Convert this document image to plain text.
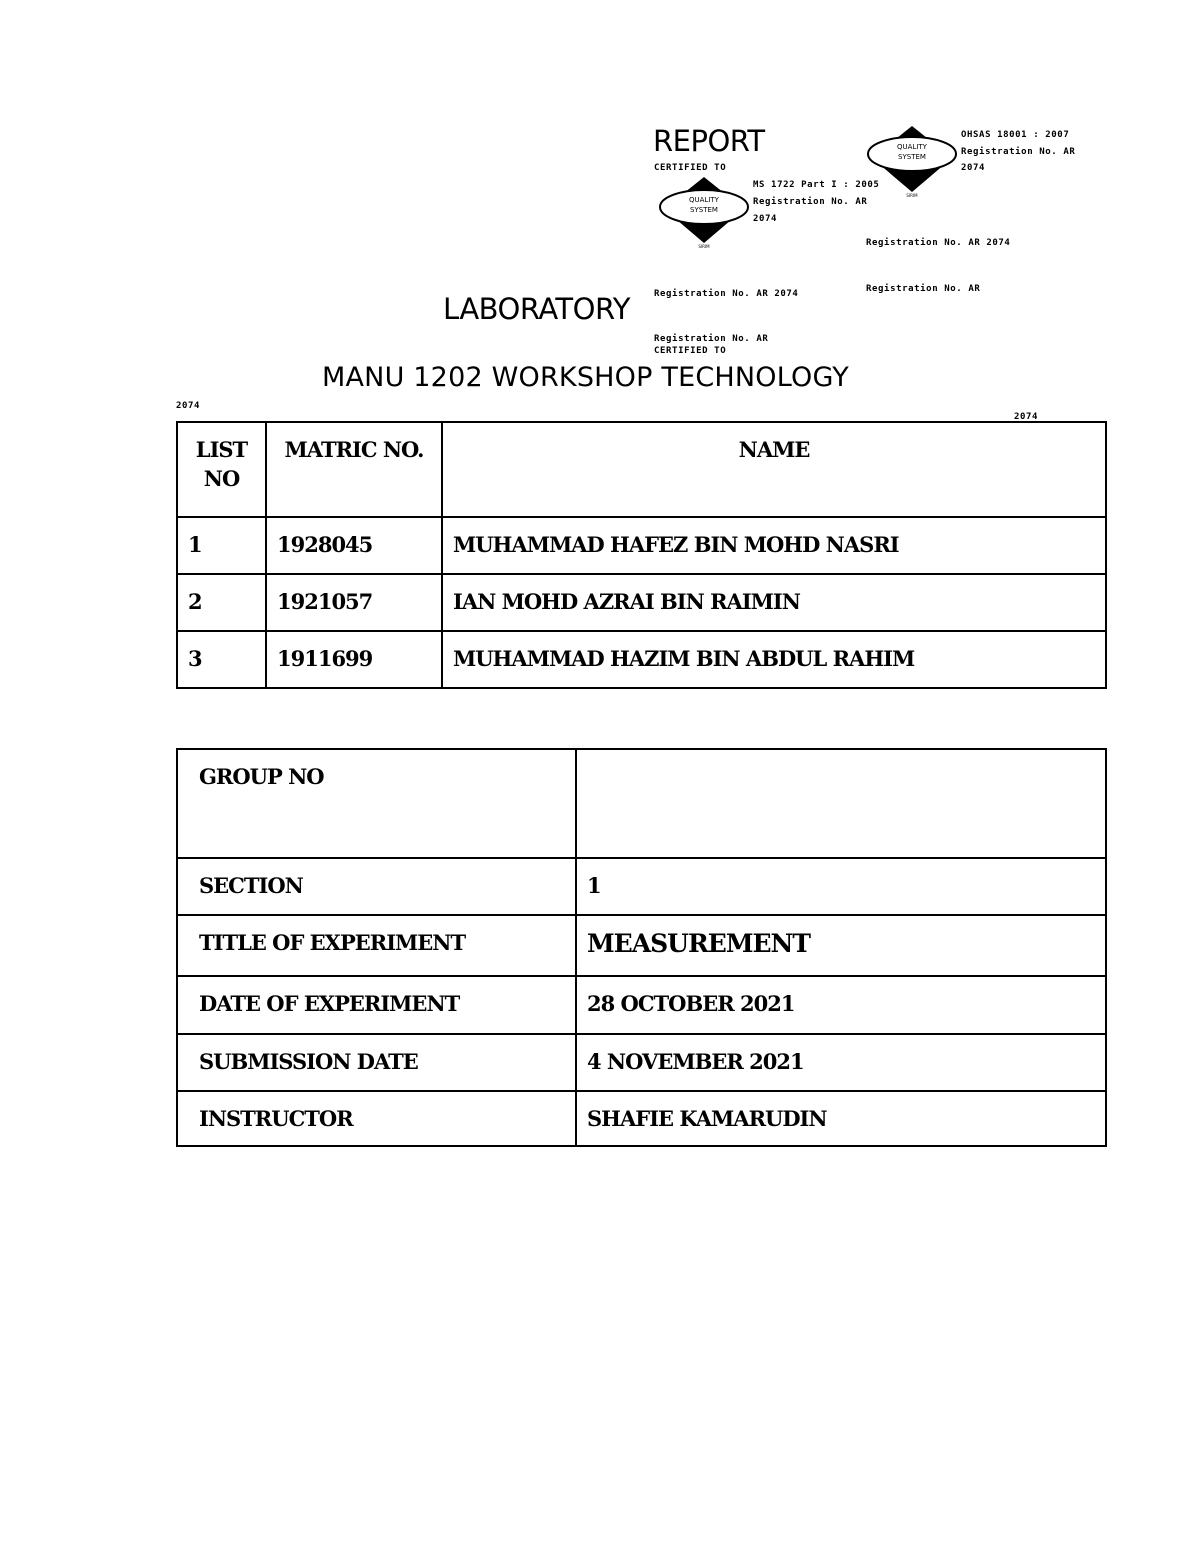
REPORT
LABORATORY
MANU 1202 WORKSHOP TECHNOLOGY
CERTIFIED TO
MS 1722 Part I : 2005
Registration No. AR
2074
OHSAS 18001 : 2007
Registration No. AR
2074
Registration No. AR 2074
Registration No. AR
Registration No. AR 2074
Registration No. AR
CERTIFIED TO
2074
2074
QUALITY
SYSTEM
SIRIM
QUALITY
SYSTEM
SIRIM
LIST NO	MATRIC NO.	NAME

1	1928045	MUHAMMAD HAFEZ BIN MOHD NASRI

2	1921057	IAN MOHD AZRAI BIN RAIMIN

3	1911699	MUHAMMAD HAZIM BIN ABDUL RAHIM
GROUP NO	

SECTION	1

TITLE OF EXPERIMENT	MEASUREMENT

DATE OF EXPERIMENT	28 OCTOBER 2021

SUBMISSION DATE	4 NOVEMBER 2021

INSTRUCTOR	SHAFIE KAMARUDIN
